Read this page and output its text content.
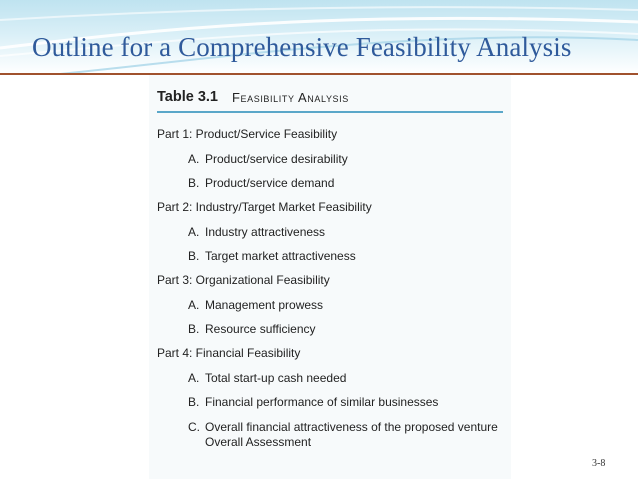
Outline for a Comprehensive Feasibility Analysis
Table 3.1 Feasibility Analysis
Part 1: Product/Service Feasibility
A. Product/service desirability
B. Product/service demand
Part 2: Industry/Target Market Feasibility
A. Industry attractiveness
B. Target market attractiveness
Part 3: Organizational Feasibility
A. Management prowess
B. Resource sufficiency
Part 4: Financial Feasibility
A. Total start-up cash needed
B. Financial performance of similar businesses
C. Overall financial attractiveness of the proposed venture
Overall Assessment
3-8
